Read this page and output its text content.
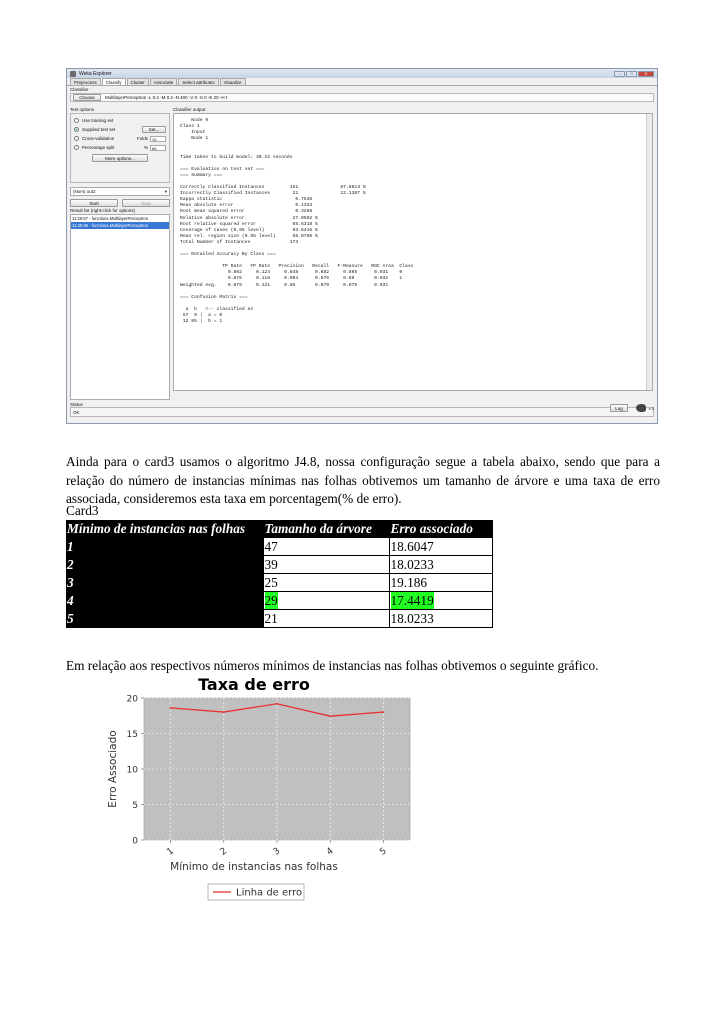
Weka Explorer	–	□	✕
Preprocess	Classify	Cluster	Associate	Select attributes	Visualize
Classifier
Choose	MultilayerPerceptron -L 0.2 -M 0.2 -N 400 -V 0 -S 0 -E 20 -H t
Test options
Use training set
Supplied test set	Set...
Cross-validation	Folds	10
Percentage split	%	66
More options...
(Nom) out2	▾
Start	Stop
Result list (right-click for options)
11:29:57 - functions.MultilayerPerceptron
11:30:46 - functions.MultilayerPerceptron
Classifier output
Node 0
Class 1
Input
Node 1

Time taken to build model: 30.22 seconds

=== Evaluation on test set ===
=== Summary ===

Correctly Classified Instances         152               87.8613 %
Incorrectly Classified Instances        21               12.1387 %
Kappa statistic                          0.7546
Mean absolute error                      0.1334
Root mean squared error                  0.3258
Relative absolute error                 27.0502 %
Root relative squared error             65.6318 %
Coverage of cases (0.95 level)          93.6416 %
Mean rel. region size (0.95 level)      58.0705 %
Total Number of Instances              173

=== Detailed Accuracy By Class ===

TP Rate   FP Rate   Precision   Recall   F-Measure   ROC Area  Class
0.882     0.124     0.848      0.882     0.865      0.931    0
0.876     0.118     0.904      0.876     0.89       0.931    1
Weighted Avg.    0.879     0.121     0.88       0.879     0.879      0.931

=== Confusion Matrix ===

a  b   <-- classified as
67  9 |  a = 0
12 85 |  b = 1
Status
OK
Log	x 0

Ainda para o card3 usamos o algoritmo J4.8, nossa configuração segue a tabela abaixo, sendo que para a relação do número de instancias mínimas nas folhas obtivemos um tamanho de árvore e uma taxa de erro associada, consideremos esta taxa em porcentagem(% de erro).

Card3
Mínimo de instancias nas folhas	Tamanho da árvore	Erro associado
1	47	18.6047
2	39	18.0233
3	25	19.186
4	29	17.4419
5	21	18.0233

Em relação aos respectivos números mínimos de instancias nas folhas obtivemos o seguinte gráfico.

Taxa de erro
0
5
10
15
20
1	2	3	4	5
Mínimo de instancias nas folhas
Erro Associado
Linha de erro
